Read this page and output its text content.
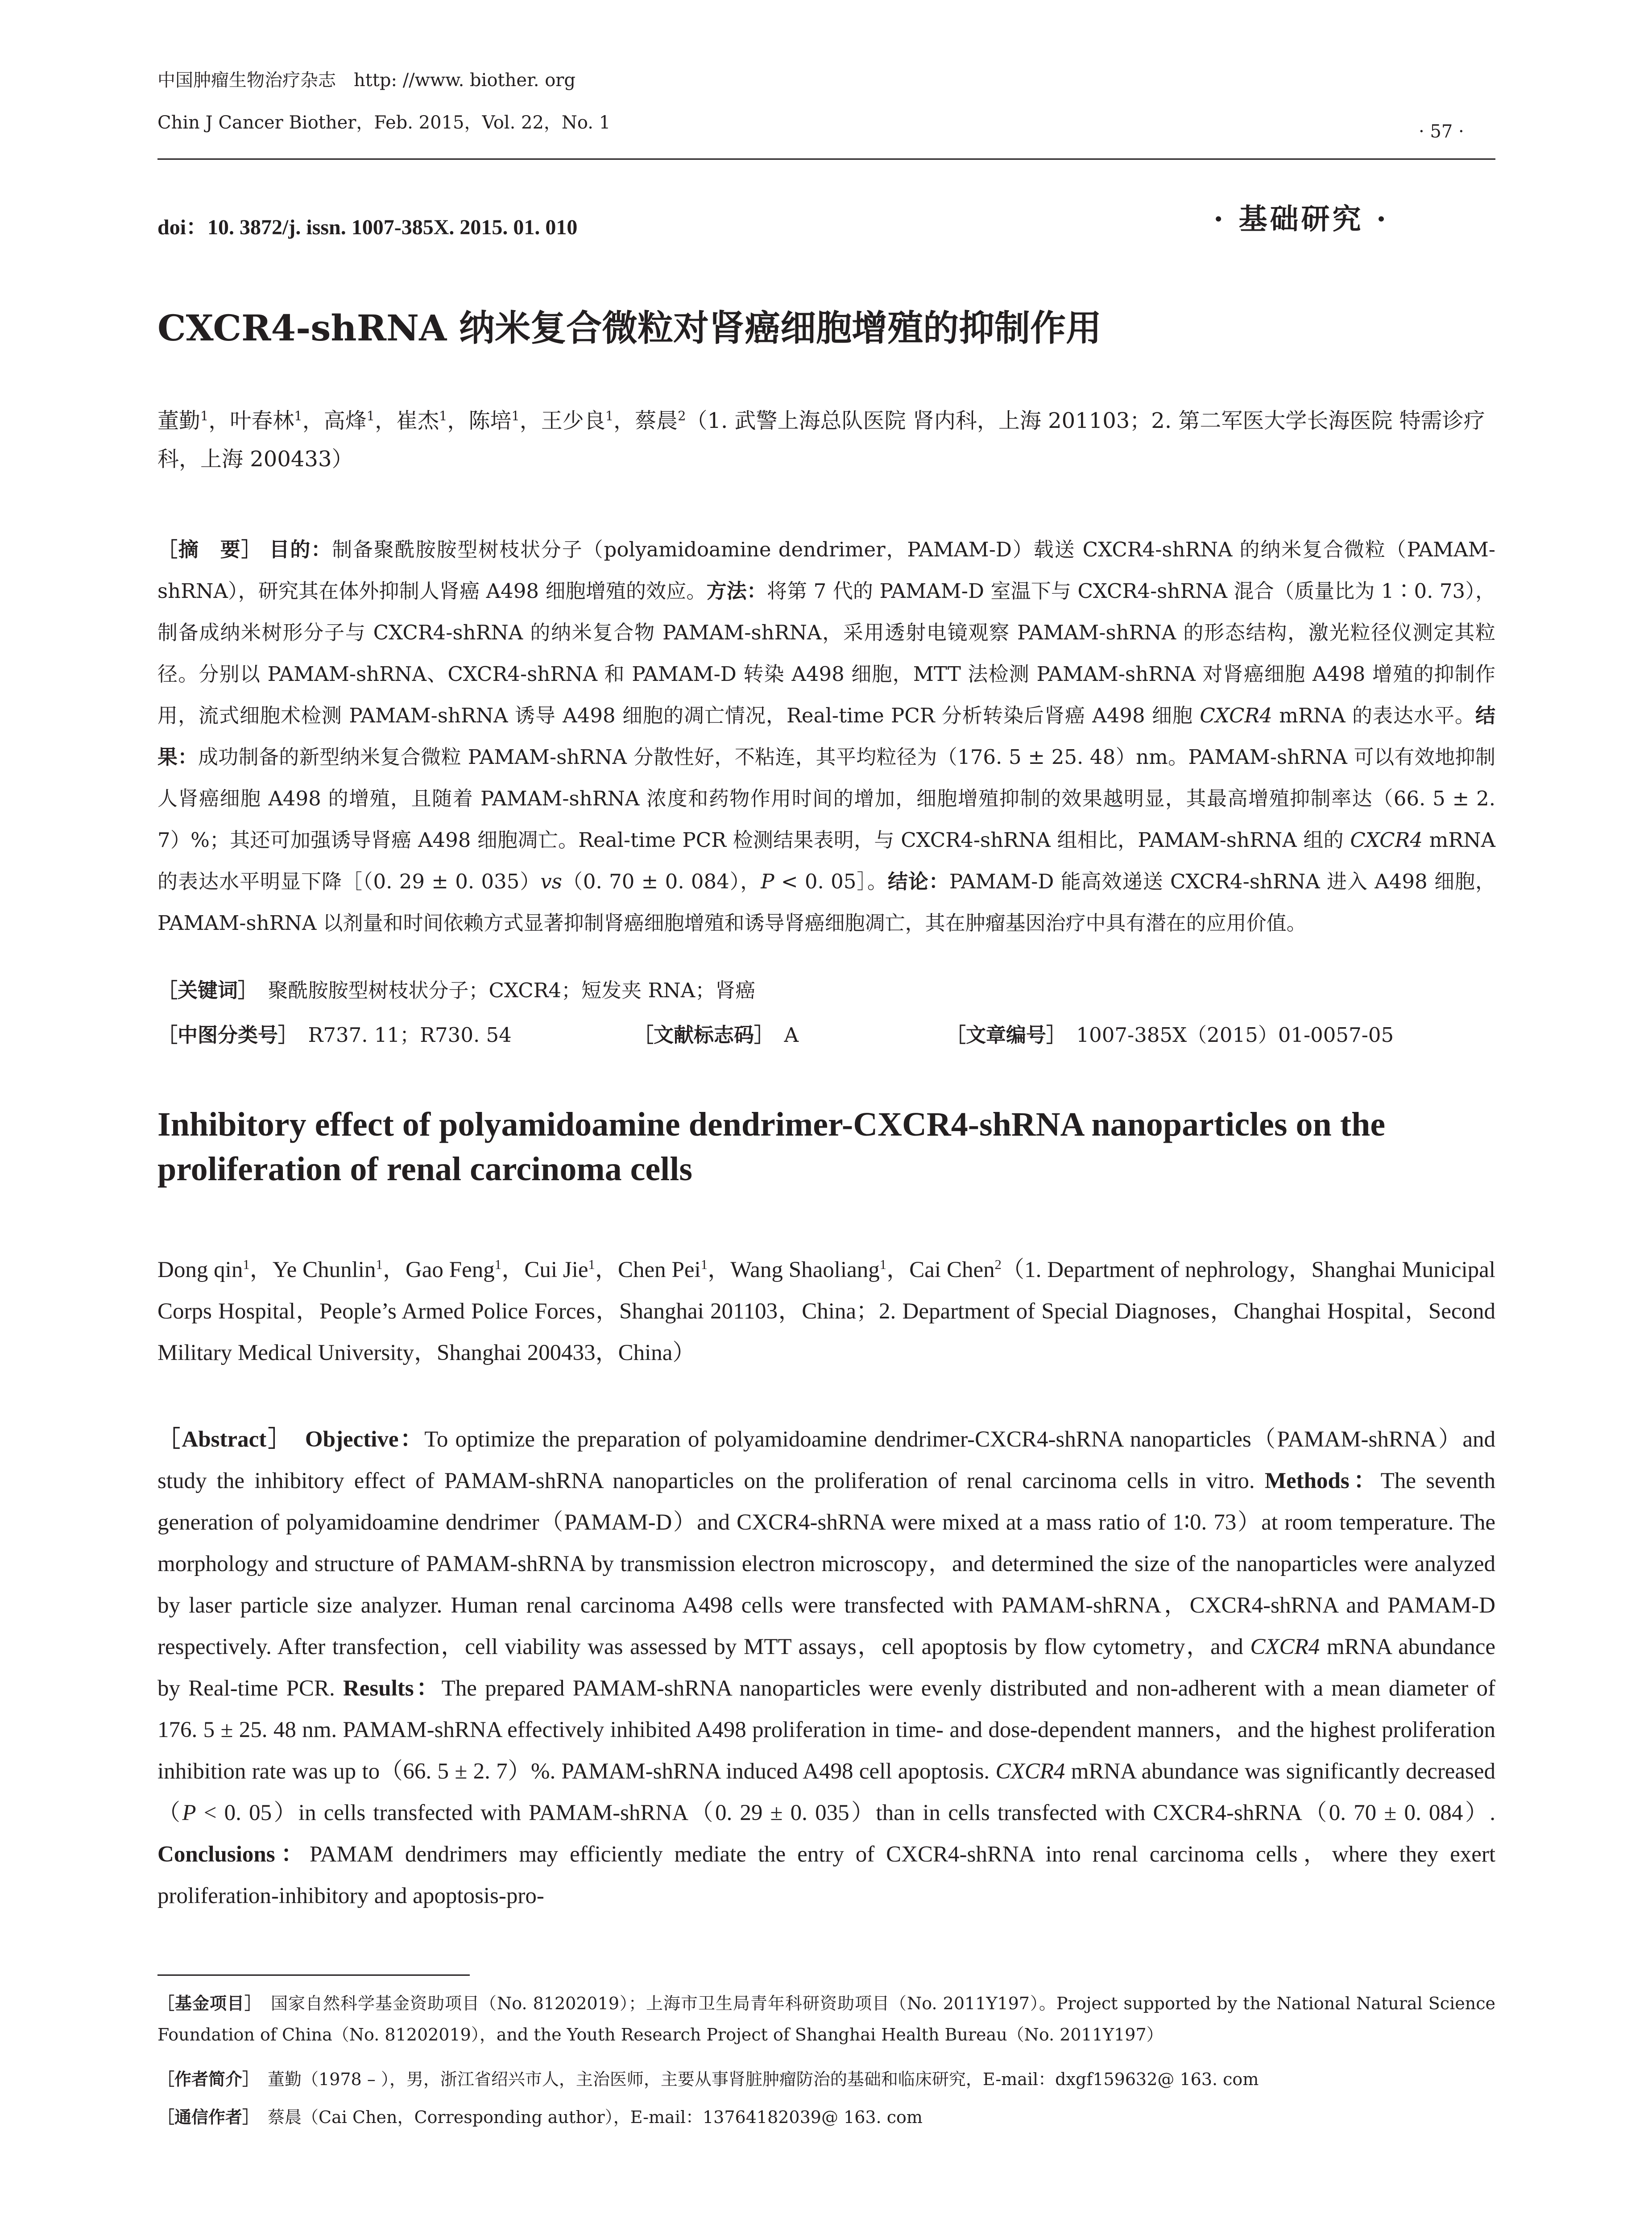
中国肿瘤生物治疗杂志　http: //www. biother. org
Chin J Cancer Biother，Feb. 2015，Vol. 22，No. 1	· 57 ·
doi：10. 3872/j. issn. 1007-385X. 2015. 01. 010	· 基础研究 ·
CXCR4-shRNA 纳米复合微粒对肾癌细胞增殖的抑制作用
董勤$^1$，叶春林$^1$，高烽$^1$，崔杰$^1$，陈培$^1$，王少良$^1$，蔡晨$^2$（1. 武警上海总队医院 肾内科，上海 201103；2. 第二军医大学长海医院 特需诊疗科，上海 200433）
［摘　要］ 目的：制备聚酰胺胺型树枝状分子（polyamidoamine dendrimer，PAMAM-D）载送 CXCR4-shRNA 的纳米复合微粒（PAMAM-shRNA），研究其在体外抑制人肾癌 A498 细胞增殖的效应。方法：将第 7 代的 PAMAM-D 室温下与 CXCR4-shRNA 混合（质量比为 1∶0. 73），制备成纳米树形分子与 CXCR4-shRNA 的纳米复合物 PAMAM-shRNA，采用透射电镜观察 PAMAM-shRNA 的形态结构，激光粒径仪测定其粒径。分别以 PAMAM-shRNA、CXCR4-shRNA 和 PAMAM-D 转染 A498 细胞，MTT 法检测 PAMAM-shRNA 对肾癌细胞 A498 增殖的抑制作用，流式细胞术检测 PAMAM-shRNA 诱导 A498 细胞的凋亡情况，Real-time PCR 分析转染后肾癌 A498 细胞 CXCR4 mRNA 的表达水平。结果：成功制备的新型纳米复合微粒 PAMAM-shRNA 分散性好，不粘连，其平均粒径为（176. 5 ± 25. 48）nm。PAMAM-shRNA 可以有效地抑制人肾癌细胞 A498 的增殖，且随着 PAMAM-shRNA 浓度和药物作用时间的增加，细胞增殖抑制的效果越明显，其最高增殖抑制率达（66. 5 ± 2. 7）%；其还可加强诱导肾癌 A498 细胞凋亡。Real-time PCR 检测结果表明，与 CXCR4-shRNA 组相比，PAMAM-shRNA 组的 CXCR4 mRNA 的表达水平明显下降［（0. 29 ± 0. 035）vs（0. 70 ± 0. 084），P < 0. 05］。结论：PAMAM-D 能高效递送 CXCR4-shRNA 进入 A498 细胞，PAMAM-shRNA 以剂量和时间依赖方式显著抑制肾癌细胞增殖和诱导肾癌细胞凋亡，其在肿瘤基因治疗中具有潜在的应用价值。
［关键词］　 聚酰胺胺型树枝状分子；CXCR4；短发夹 RNA；肾癌
［中图分类号］　 R737. 11；R730. 54	［文献标志码］　 A	［文章编号］　 1007-385X（2015）01-0057-05
Inhibitory effect of polyamidoamine dendrimer-CXCR4-shRNA nanoparticles on the proliferation of renal carcinoma cells
Dong qin$^1$，Ye Chunlin$^1$，Gao Feng$^1$，Cui Jie$^1$，Chen Pei$^1$，Wang Shaoliang$^1$，Cai Chen$^2$（1. Department of nephrology，Shanghai Municipal Corps Hospital，People’s Armed Police Forces，Shanghai 201103，China；2. Department of Special Diagnoses，Changhai Hospital，Second Military Medical University，Shanghai 200433，China）
［Abstract］　 Objective：To optimize the preparation of polyamidoamine dendrimer-CXCR4-shRNA nanoparticles（PAMAM-shRNA）and study the inhibitory effect of PAMAM-shRNA nanoparticles on the proliferation of renal carcinoma cells in vitro. Methods：The seventh generation of polyamidoamine dendrimer（PAMAM-D）and CXCR4-shRNA were mixed at a mass ratio of 1∶0. 73）at room temperature. The morphology and structure of PAMAM-shRNA by transmission electron microscopy，and determined the size of the nanoparticles were analyzed by laser particle size analyzer. Human renal carcinoma A498 cells were transfected with PAMAM-shRNA，CXCR4-shRNA and PAMAM-D respectively. After transfection，cell viability was assessed by MTT assays，cell apoptosis by flow cytometry，and CXCR4 mRNA abundance by Real-time PCR. Results：The prepared PAMAM-shRNA nanoparticles were evenly distributed and non-adherent with a mean diameter of 176. 5 ± 25. 48 nm. PAMAM-shRNA effectively inhibited A498 proliferation in time- and dose-dependent manners，and the highest proliferation inhibition rate was up to（66. 5 ± 2. 7）%. PAMAM-shRNA induced A498 cell apoptosis. CXCR4 mRNA abundance was significantly decreased（P < 0. 05）in cells transfected with PAMAM-shRNA（0. 29 ± 0. 035）than in cells transfected with CXCR4-shRNA（0. 70 ± 0. 084）. Conclusions：PAMAM dendrimers may efficiently mediate the entry of CXCR4-shRNA into renal carcinoma cells，where they exert proliferation-inhibitory and apoptosis-pro-
［基金项目］　 国家自然科学基金资助项目（No. 81202019）；上海市卫生局青年科研资助项目（No. 2011Y197）。Project supported by the National Natural Science Foundation of China（No. 81202019），and the Youth Research Project of Shanghai Health Bureau（No. 2011Y197）
［作者简介］　 董勤（1978 – ），男，浙江省绍兴市人，主治医师，主要从事肾脏肿瘤防治的基础和临床研究，E-mail：dxgf159632@ 163. com
［通信作者］　 蔡晨（Cai Chen，Corresponding author），E-mail：13764182039@ 163. com
